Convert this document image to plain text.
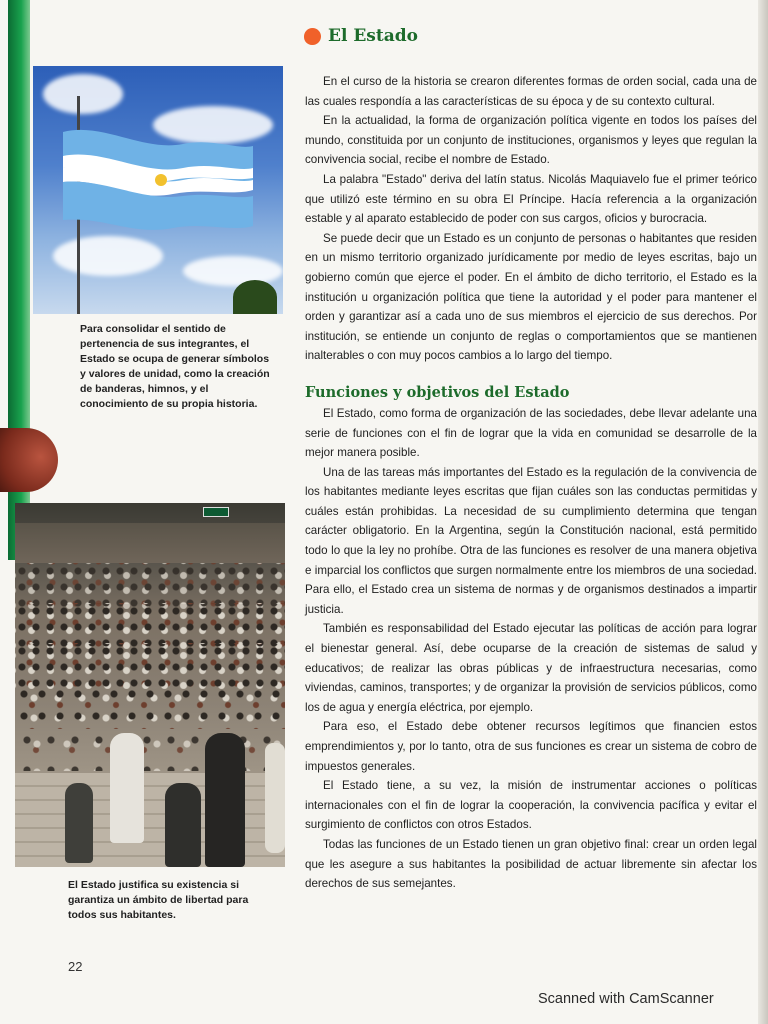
Para consolidar el sentido de pertenencia de sus integrantes, el Estado se ocupa de generar símbolos y valores de unidad, como la creación de banderas, himnos, y el conocimiento de su propia historia.
El Estado justifica su existencia si garantiza un ámbito de libertad para todos sus habitantes.
22
El Estado

En el curso de la historia se crearon diferentes formas de orden social, cada una de las cuales respondía a las características de su época y de su contexto cultural.

En la actualidad, la forma de organización política vigente en todos los países del mundo, constituida por un conjunto de instituciones, organismos y leyes que regulan la convivencia social, recibe el nombre de Estado.

La palabra "Estado" deriva del latín status. Nicolás Maquiavelo fue el primer teórico que utilizó este término en su obra El Príncipe. Hacía referencia a la organización estable y al aparato establecido de poder con sus cargos, oficios y burocracia.

Se puede decir que un Estado es un conjunto de personas o habitantes que residen en un mismo territorio organizado jurídicamente por medio de leyes escritas, bajo un gobierno común que ejerce el poder. En el ámbito de dicho territorio, el Estado es la institución u organización política que tiene la autoridad y el poder para mantener el orden y garantizar así a cada uno de sus miembros el ejercicio de sus derechos. Por institución, se entiende un conjunto de reglas o comportamientos que se mantienen inalterables o con muy pocos cambios a lo largo del tiempo.

Funciones y objetivos del Estado

El Estado, como forma de organización de las sociedades, debe llevar adelante una serie de funciones con el fin de lograr que la vida en comunidad se desarrolle de la mejor manera posible.

Una de las tareas más importantes del Estado es la regulación de la convivencia de los habitantes mediante leyes escritas que fijan cuáles son las conductas permitidas y cuáles están prohibidas. La necesidad de su cumplimiento determina que tengan carácter obligatorio. En la Argentina, según la Constitución nacional, está permitido todo lo que la ley no prohíbe. Otra de las funciones es resolver de una manera objetiva e imparcial los conflictos que surgen normalmente entre los miembros de una sociedad. Para ello, el Estado crea un sistema de normas y de organismos destinados a impartir justicia.

También es responsabilidad del Estado ejecutar las políticas de acción para lograr el bienestar general. Así, debe ocuparse de la creación de sistemas de salud y educativos; de realizar las obras públicas y de infraestructura necesarias, como viviendas, caminos, transportes; y de organizar la provisión de servicios públicos, como los de agua y energía eléctrica, por ejemplo.

Para eso, el Estado debe obtener recursos legítimos que financien estos emprendimientos y, por lo tanto, otra de sus funciones es crear un sistema de cobro de impuestos generales.

El Estado tiene, a su vez, la misión de instrumentar acciones o políticas internacionales con el fin de lograr la cooperación, la convivencia pacífica y evitar el surgimiento de conflictos con otros Estados.

Todas las funciones de un Estado tienen un gran objetivo final: crear un orden legal que les asegure a sus habitantes la posibilidad de actuar libremente sin afectar los derechos de sus semejantes.

Scanned with CamScanner
